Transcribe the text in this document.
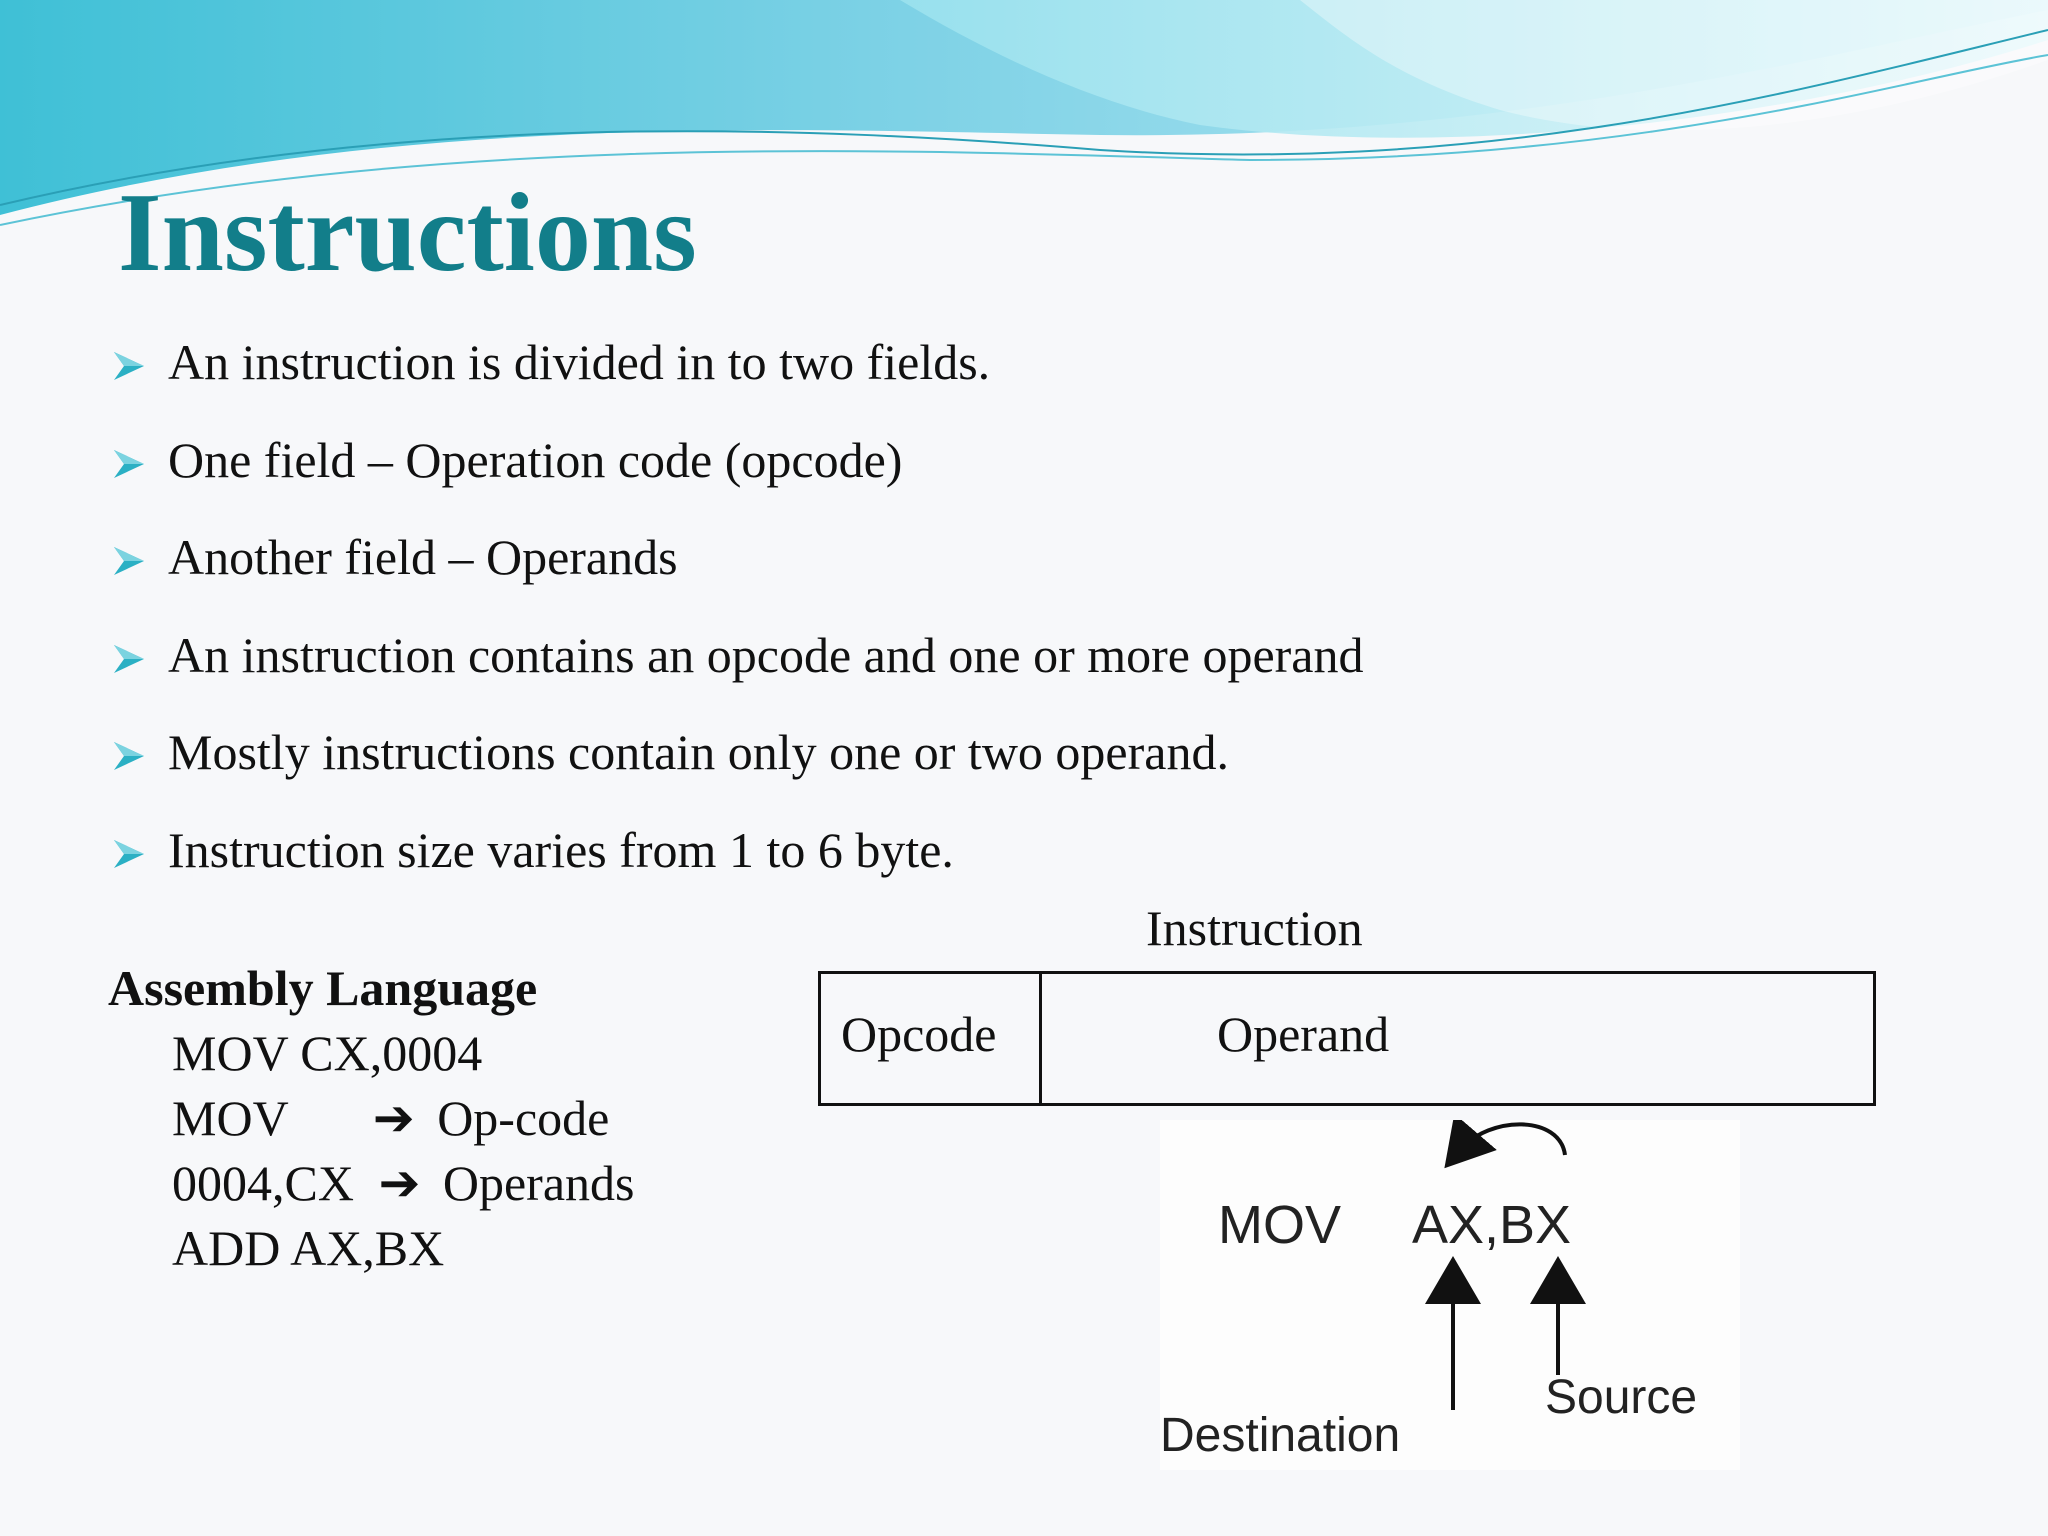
Instructions
An instruction is divided in to two fields.
One field – Operation code (opcode)
Another field – Operands
An instruction contains an opcode and one or more operand
Mostly instructions contain only one or two operand.
Instruction size varies from 1 to 6 byte.
Assembly Language
MOV CX,0004
MOV ➔ Op-code
0004,CX ➔ Operands
ADD AX,BX
Instruction
Opcode	Operand
MOV AX,BX
Destination
Source
